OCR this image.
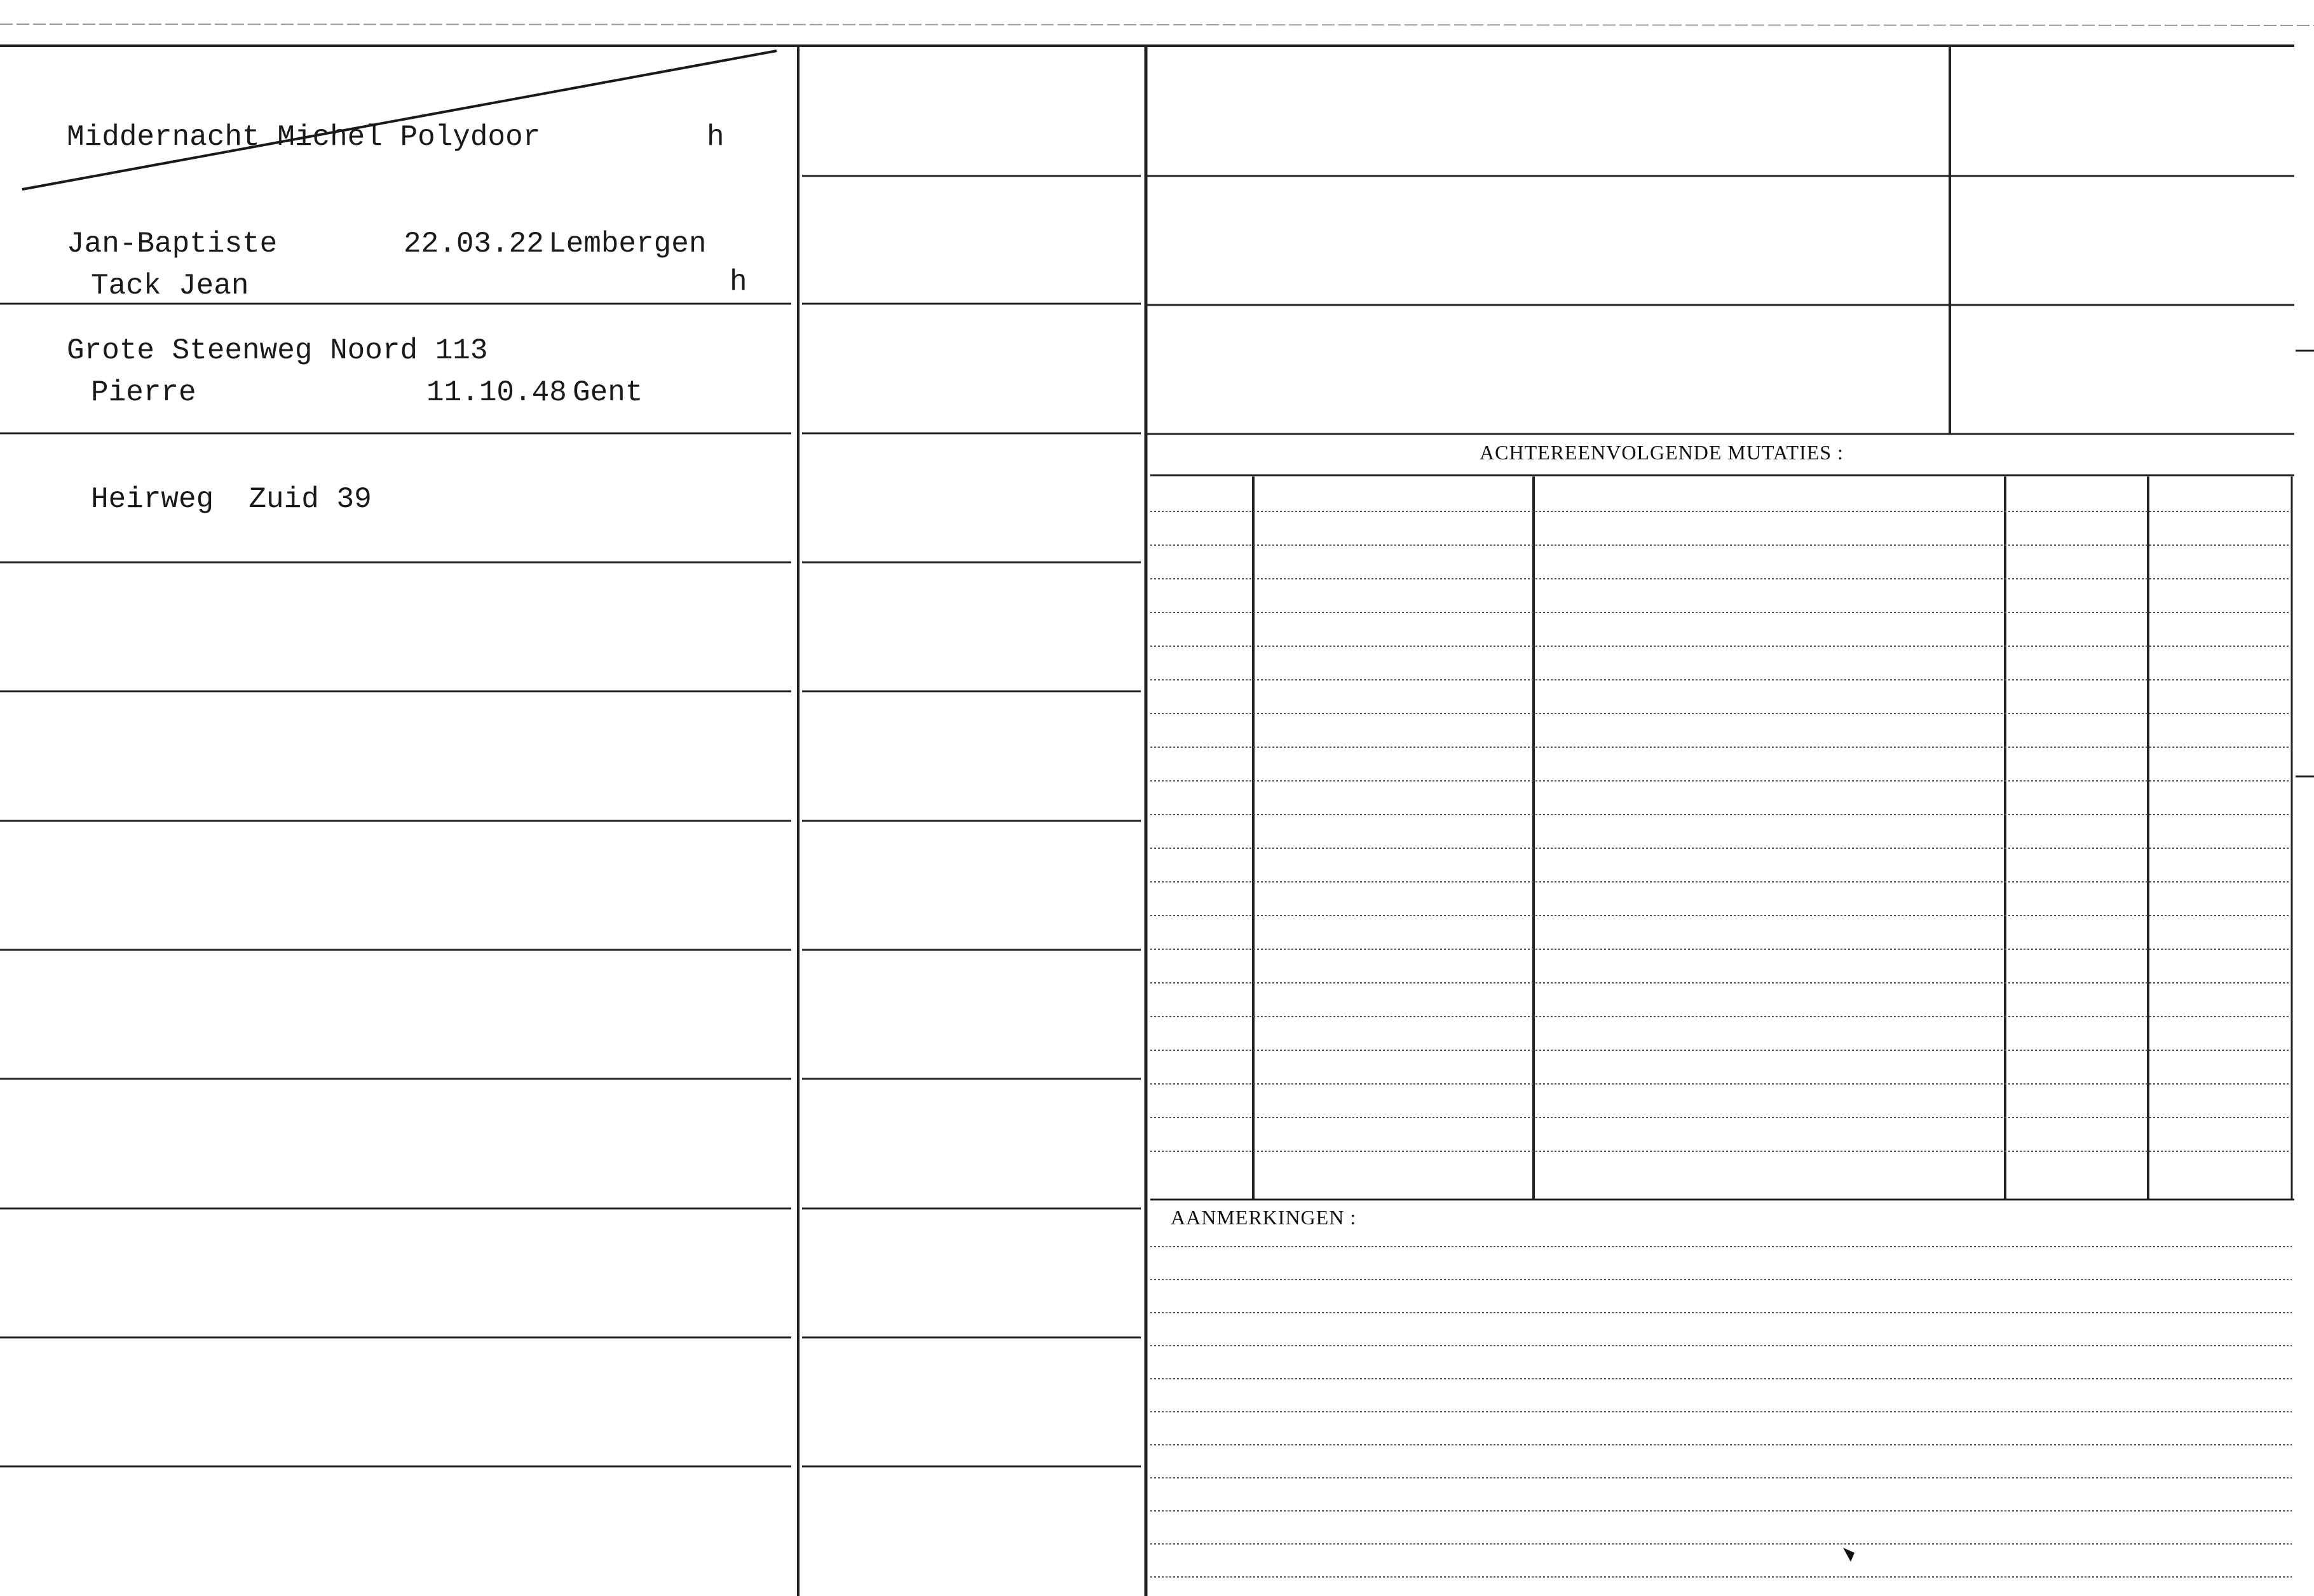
Middernacht Michel Polydoor

Jan-Baptiste	22.03.22 Lembergen

Grote Steenweg Noord 113

h

Tack Jean

Pierre	11.10.48 Gent

Heirweg  Zuid 39

h
ACHTEREENVOLGENDE MUTATIES :
AANMERKINGEN :
